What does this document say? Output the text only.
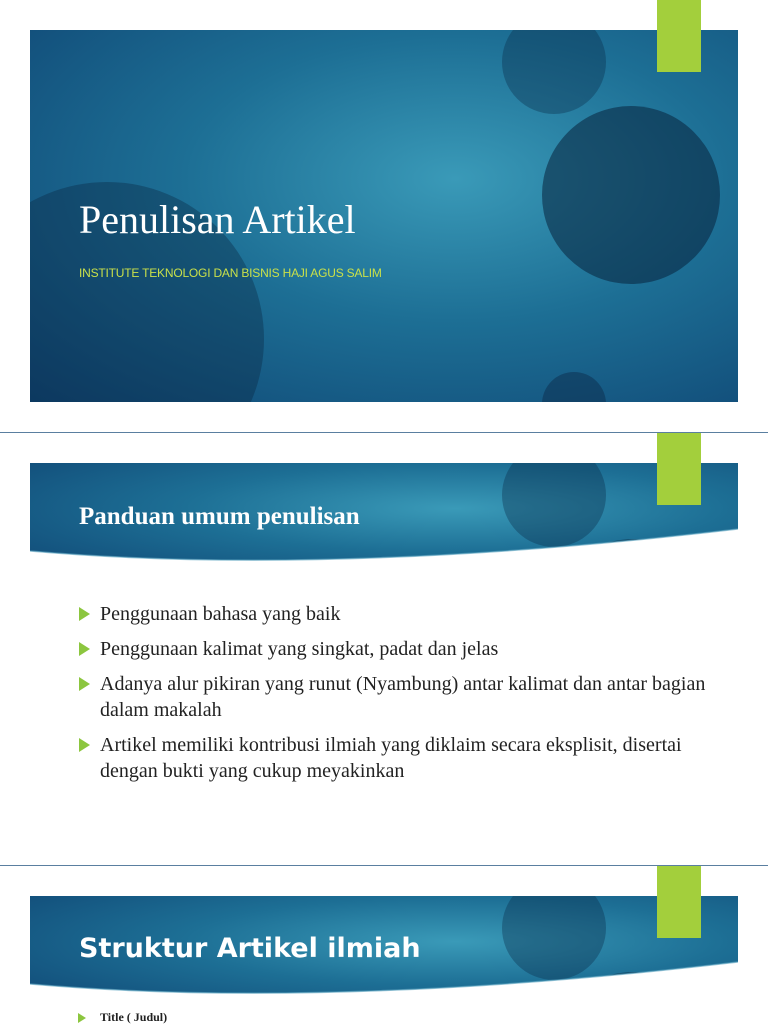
Penulisan Artikel

INSTITUTE TEKNOLOGI DAN BISNIS HAJI AGUS SALIM

Panduan umum penulisan
Penggunaan bahasa yang baik
Penggunaan kalimat yang singkat, padat dan jelas
Adanya alur pikiran yang runut (Nyambung) antar kalimat dan antar bagian dalam makalah
Artikel memiliki kontribusi ilmiah yang diklaim secara eksplisit, disertai dengan bukti yang cukup meyakinkan
Struktur Artikel ilmiah

Title ( Judul)
